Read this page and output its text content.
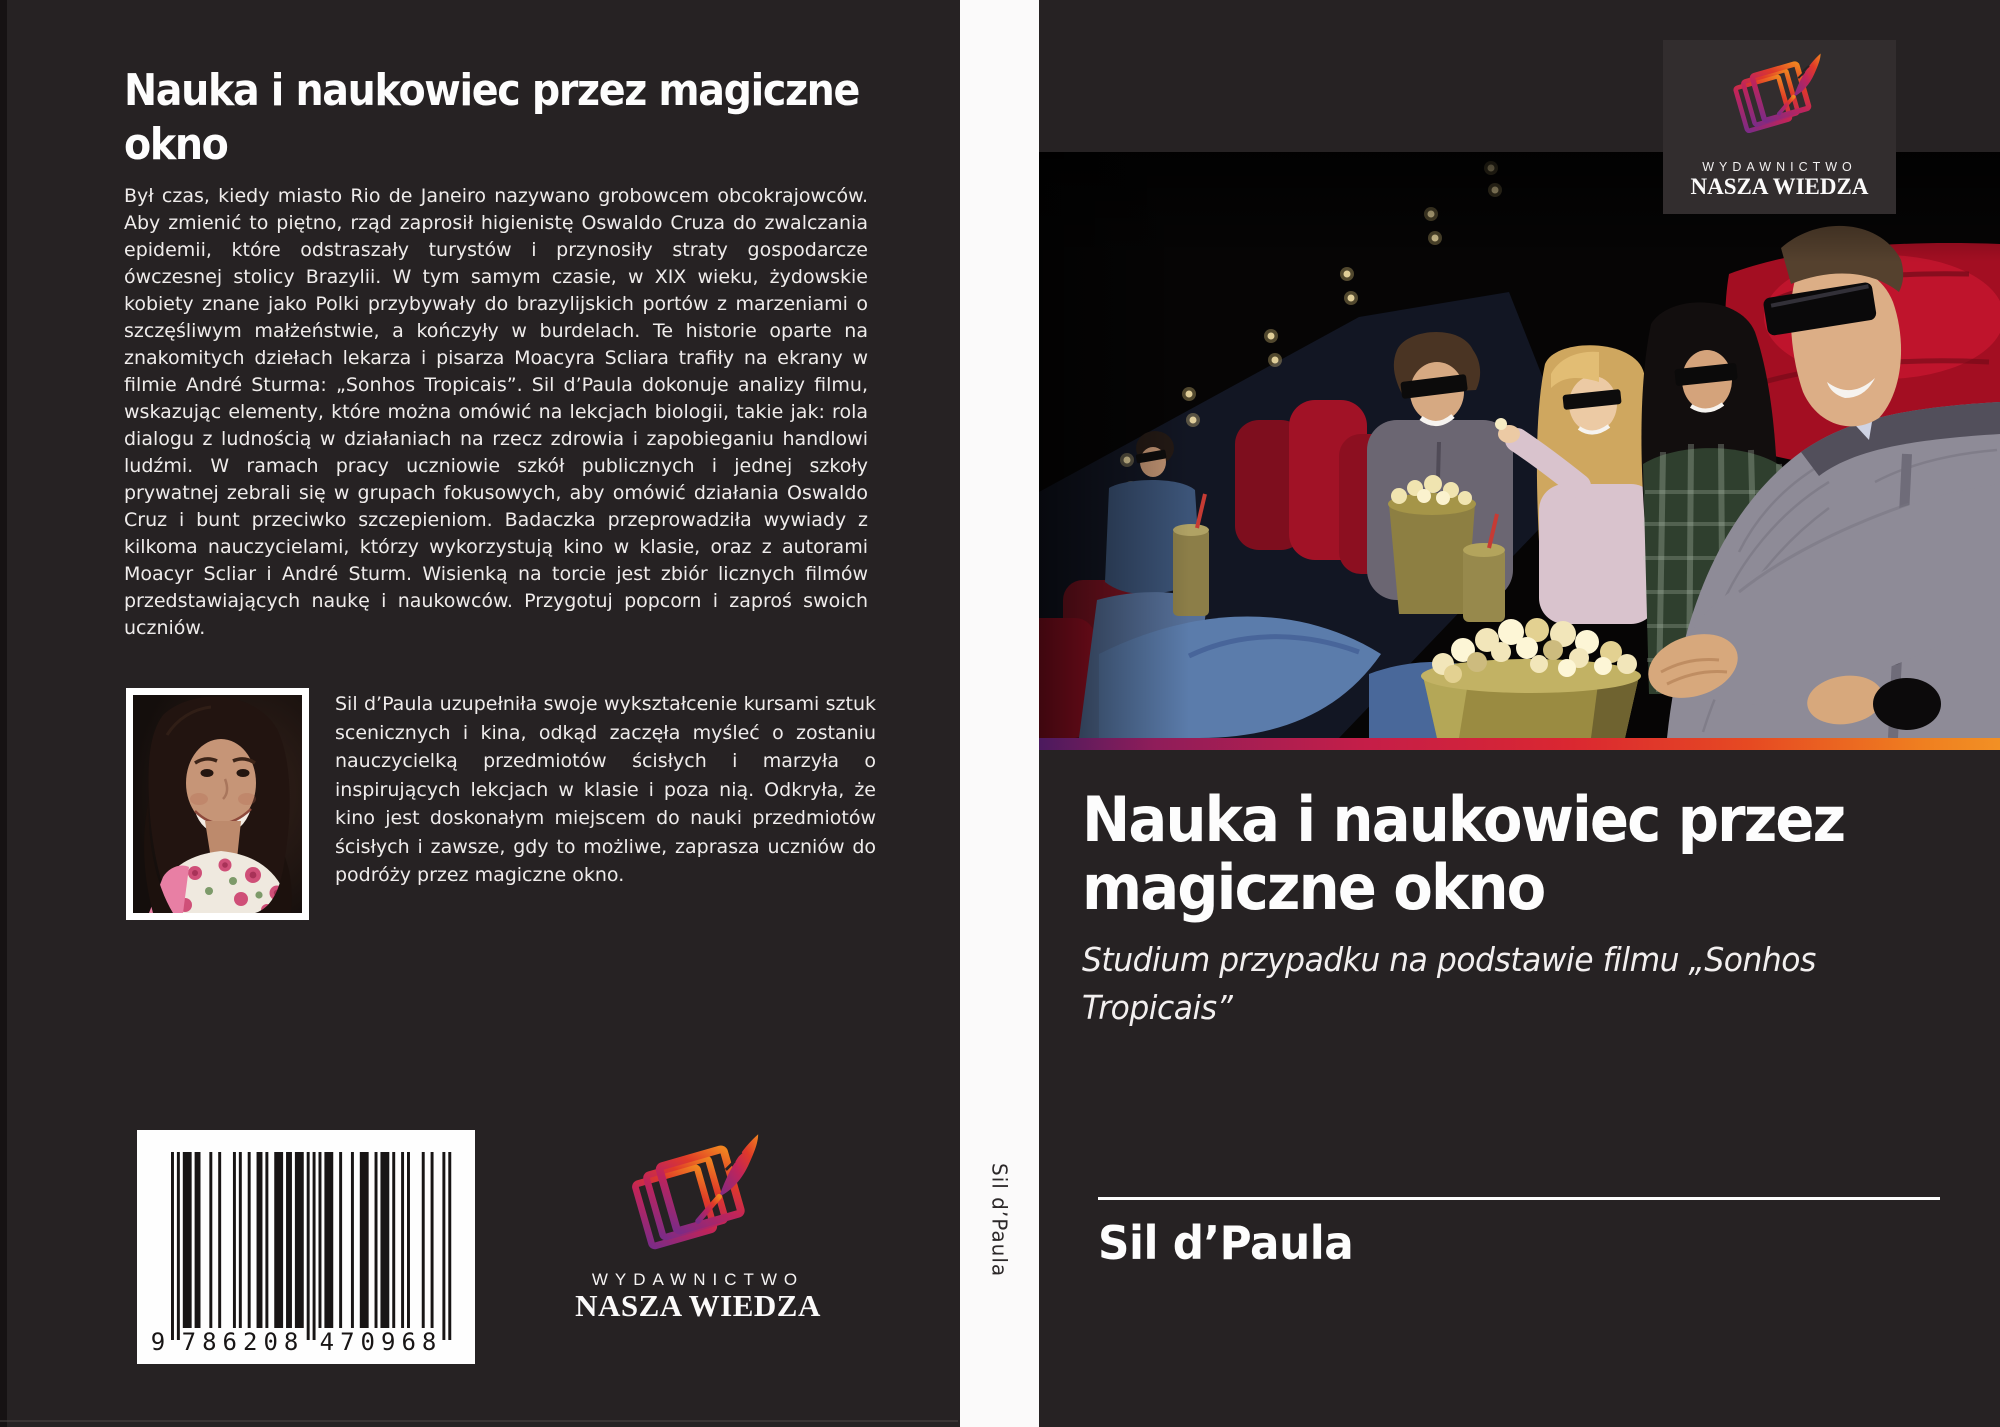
Nauka i naukowiec przez magiczne
okno
Był czas, kiedy miasto Rio de Janeiro nazywano grobowcem obcokrajowców. Aby zmienić to piętno, rząd zaprosił higienistę Oswaldo Cruza do zwalczania epidemii, które odstraszały turystów i przynosiły straty gospodarcze ówczesnej stolicy Brazylii. W tym samym czasie, w XIX wieku, żydowskie kobiety znane jako Polki przybywały do brazylijskich portów z marzeniami o szczęśliwym małżeństwie, a kończyły w burdelach. Te historie oparte na znakomitych dziełach lekarza i pisarza Moacyra Scliara trafiły na ekrany w filmie André Sturma: „Sonhos Tropicais”. Sil d’Paula dokonuje analizy filmu, wskazując elementy, które można omówić na lekcjach biologii, takie jak: rola dialogu z ludnością w działaniach na rzecz zdrowia i zapobieganiu handlowi ludźmi. W ramach pracy uczniowie szkół publicznych i jednej szkoły prywatnej zebrali się w grupach fokusowych, aby omówić działania Oswaldo Cruz i bunt przeciwko szczepieniom. Badaczka przeprowadziła wywiady z kilkoma nauczycielami, którzy wykorzystują kino w klasie, oraz z autorami Moacyr Scliar i André Sturm. Wisienką na torcie jest zbiór licznych filmów przedstawiających naukę i naukowców. Przygotuj popcorn i zaproś swoich uczniów.
Sil d’Paula uzupełniła swoje wykształcenie kursami sztuk scenicznych i kina, odkąd zaczęła myśleć o zostaniu nauczycielką przedmiotów ścisłych i marzyła o inspirujących lekcjach w klasie i poza nią. Odkryła, że kino jest doskonałym miejscem do nauki przedmiotów ścisłych i zawsze, gdy to możliwe, zaprasza uczniów do podróży przez magiczne okno.
9 786208 470968
WYDAWNICTWO
NASZA WIEDZA
Sil d’Paula
WYDAWNICTWO
NASZA WIEDZA
Nauka i naukowiec przez
magiczne okno
Studium przypadku na podstawie filmu „Sonhos
Tropicais”
Sil d’Paula
